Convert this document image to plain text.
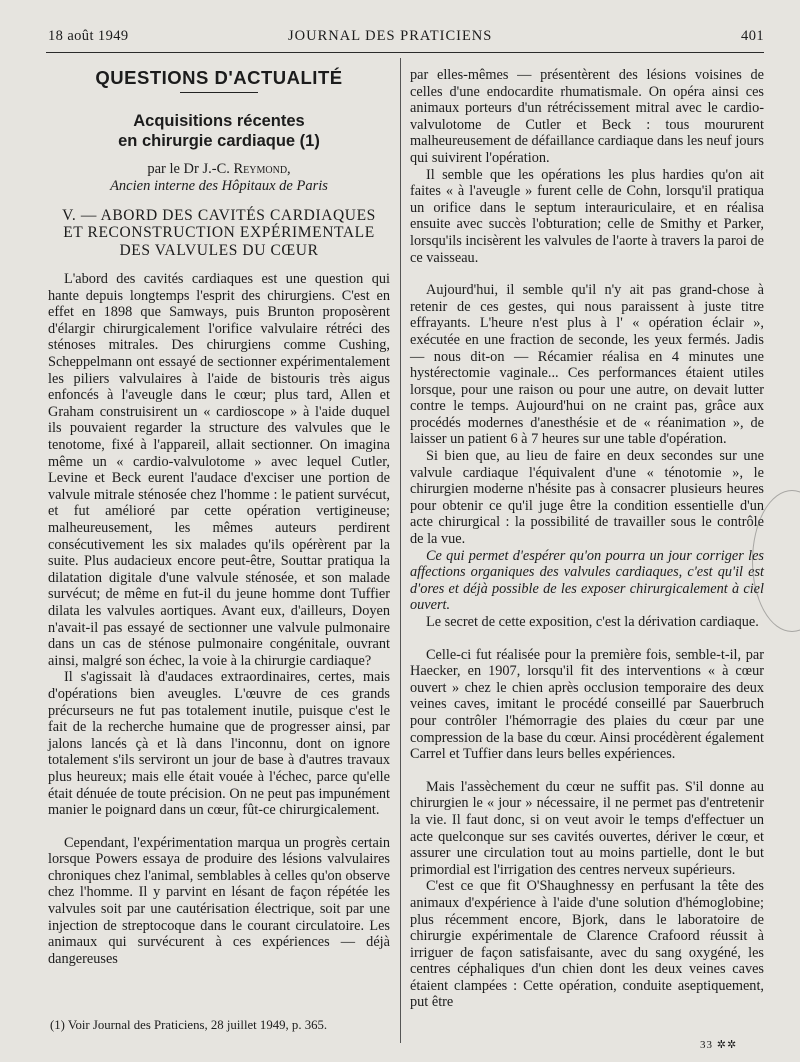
18 août 1949	JOURNAL DES PRATICIENS	401
QUESTIONS D'ACTUALITÉ
Acquisitions récentes
en chirurgie cardiaque (1)
par le Dr J.-C. Reymond,
Ancien interne des Hôpitaux de Paris
V. — ABORD DES CAVITÉS CARDIAQUES
ET RECONSTRUCTION EXPÉRIMENTALE
DES VALVULES DU CŒUR

L'abord des cavités cardiaques est une question qui hante depuis longtemps l'esprit des chirurgiens. C'est en effet en 1898 que Samways, puis Brunton proposèrent d'élargir chirurgicalement l'orifice valvulaire rétréci des sténoses mitrales. Des chirurgiens comme Cushing, Scheppelmann ont essayé de sectionner expérimentalement les piliers valvulaires à l'aide de bistouris très aigus enfoncés à l'aveugle dans le cœur; plus tard, Allen et Graham construisirent un « cardioscope » à l'aide duquel ils pouvaient regarder la structure des valvules que le tenotome, fixé à l'appareil, allait sectionner. On imagina même un « cardio-valvulotome » avec lequel Cutler, Levine et Beck eurent l'audace d'exciser une portion de valvule mitrale sténosée chez l'homme : le patient survécut, et fut amélioré par cette opération vertigineuse; malheureusement, les mêmes auteurs perdirent consécutivement les six malades qu'ils opérèrent par la suite. Plus audacieux encore peut-être, Souttar pratiqua la dilatation digitale d'une valvule sténosée, et son malade survécut; de même en fut-il du jeune homme dont Tuffier dilata les valvules aortiques. Avant eux, d'ailleurs, Doyen n'avait-il pas essayé de sectionner une valvule pulmonaire dans un cas de sténose pulmonaire congénitale, ouvrant ainsi, malgré son échec, la voie à la chirurgie cardiaque?

Il s'agissait là d'audaces extraordinaires, certes, mais d'opérations bien aveugles. L'œuvre de ces grands précurseurs ne fut pas totalement inutile, puisque c'est le fait de la recherche humaine que de progresser ainsi, par jalons lancés çà et là dans l'inconnu, dont on ignore totalement s'ils serviront un jour de base à d'autres travaux plus heureux; mais elle était vouée à l'échec, parce qu'elle était dénuée de toute précision. On ne peut pas impunément manier le poignard dans un cœur, fût-ce chirurgicalement.

Cependant, l'expérimentation marqua un progrès certain lorsque Powers essaya de produire des lésions valvulaires chroniques chez l'animal, semblables à celles qu'on observe chez l'homme. Il y parvint en lésant de façon répétée les valvules soit par une cautérisation électrique, soit par une injection de streptocoque dans le courant circulatoire. Les animaux qui survécurent à ces expériences — déjà dangereuses

par elles-mêmes — présentèrent des lésions voisines de celles d'une endocardite rhumatismale. On opéra ainsi ces animaux porteurs d'un rétrécissement mitral avec le cardio-valvulotome de Cutler et Beck : tous moururent malheureusement de défaillance cardiaque dans les neuf jours qui suivirent l'opération.

Il semble que les opérations les plus hardies qu'on ait faites « à l'aveugle » furent celle de Cohn, lorsqu'il pratiqua un orifice dans le septum interauriculaire, et en réalisa ensuite avec succès l'obturation; celle de Smithy et Parker, lorsqu'ils incisèrent les valvules de l'aorte à travers la paroi de ce vaisseau.

Aujourd'hui, il semble qu'il n'y ait pas grand-chose à retenir de ces gestes, qui nous paraissent à juste titre effrayants. L'heure n'est plus à l' « opération éclair », exécutée en une fraction de seconde, les yeux fermés. Jadis — nous dit-on — Récamier réalisa en 4 minutes une hystérectomie vaginale... Ces performances étaient utiles lorsque, pour une raison ou pour une autre, on devait lutter contre le temps. Aujourd'hui on ne craint pas, grâce aux procédés modernes d'anesthésie et de « réanimation », de laisser un patient 6 à 7 heures sur une table d'opération.

Si bien que, au lieu de faire en deux secondes sur une valvule cardiaque l'équivalent d'une « ténotomie », le chirurgien moderne n'hésite pas à consacrer plusieurs heures pour obtenir ce qu'il juge être la condition essentielle d'un acte chirurgical : la possibilité de travailler sous le contrôle de la vue.

Ce qui permet d'espérer qu'on pourra un jour corriger les affections organiques des valvules cardiaques, c'est qu'il est d'ores et déjà possible de les exposer chirurgicalement à ciel ouvert.

Le secret de cette exposition, c'est la dérivation cardiaque.

Celle-ci fut réalisée pour la première fois, semble-t-il, par Haecker, en 1907, lorsqu'il fit des interventions « à cœur ouvert » chez le chien après occlusion temporaire des deux veines caves, imitant le procédé conseillé par Sauerbruch pour contrôler l'hémorragie des plaies du cœur par une compression de la base du cœur. Ainsi procédèrent également Carrel et Tuffier dans leurs belles expériences.

Mais l'assèchement du cœur ne suffit pas. S'il donne au chirurgien le « jour » nécessaire, il ne permet pas d'entretenir la vie. Il faut donc, si on veut avoir le temps d'effectuer un acte quelconque sur ses cavités ouvertes, dériver le cœur, et assurer une circulation tout au moins partielle, dont le but primordial est l'irrigation des centres nerveux supérieurs.

C'est ce que fit O'Shaughnessy en perfusant la tête des animaux d'expérience à l'aide d'une solution d'hémoglobine; plus récemment encore, Bjork, dans le laboratoire de chirurgie expérimentale de Clarence Crafoord réussit à irriguer de façon satisfaisante, avec du sang oxygéné, les centres céphaliques d'un chien dont les deux veines caves étaient clampées : Cette opération, conduite aseptiquement, put être

(1) Voir Journal des Praticiens, 28 juillet 1949, p. 365.
33 ✲✲
